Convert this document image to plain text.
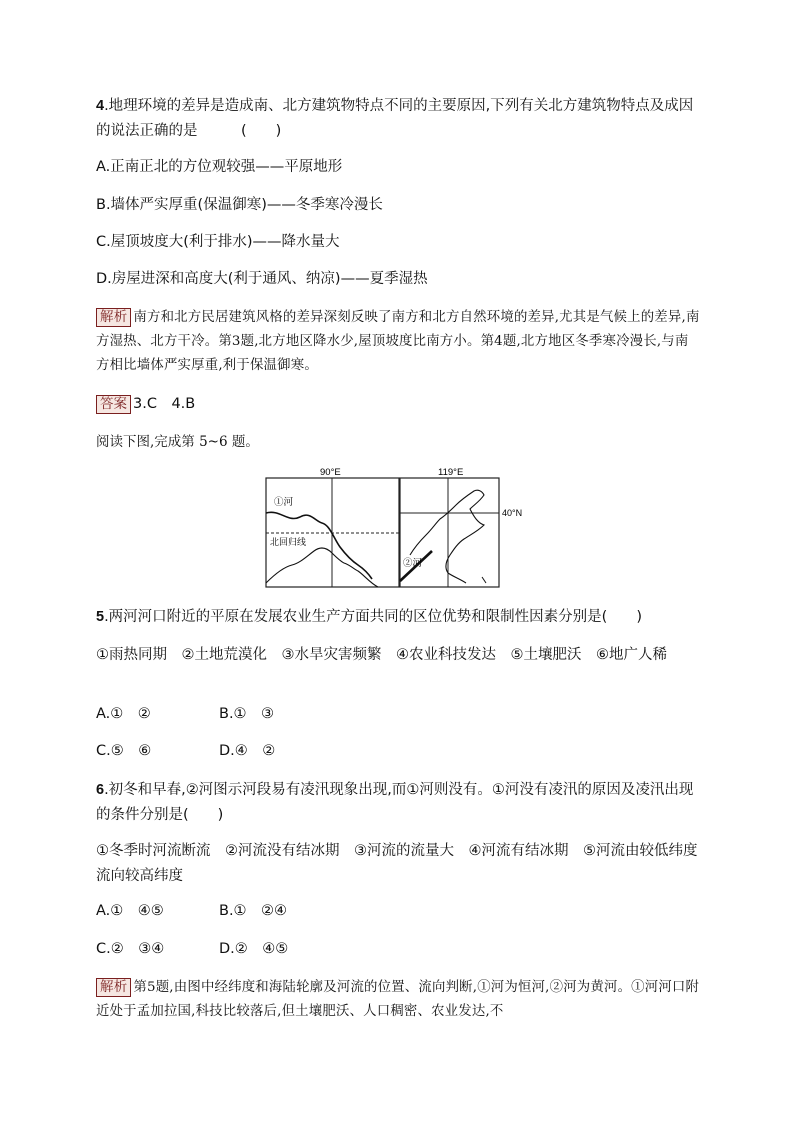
4.地理环境的差异是造成南、北方建筑物特点不同的主要原因,下列有关北方建筑物特点及成因的说法正确的是　　　(　　)

A.正南正北的方位观较强——平原地形
B.墙体严实厚重(保温御寒)——冬季寒冷漫长
C.屋顶坡度大(利于排水)——降水量大
D.房屋进深和高度大(利于通风、纳凉)——夏季湿热

解析 南方和北方民居建筑风格的差异深刻反映了南方和北方自然环境的差异,尤其是气候上的差异,南方湿热、北方干冷。第3题,北方地区降水少,屋顶坡度比南方小。第4题,北方地区冬季寒冷漫长,与南方相比墙体严实厚重,利于保温御寒。

答案 3.C　4.B
阅读下图,完成第 5~6 题。
90°E
①河
北回归线
119°E
40°N
②河

5.两河河口附近的平原在发展农业生产方面共同的区位优势和限制性因素分别是(　　)

①雨热同期　②土地荒漠化　③水旱灾害频繁　④农业科技发达　⑤土壤肥沃　⑥地广人稀

A.①　②	B.①　③
C.⑤　⑥	D.④　②

6.初冬和早春,②河图示河段易有凌汛现象出现,而①河则没有。①河没有凌汛的原因及凌汛出现的条件分别是(　　)

①冬季时河流断流　②河流没有结冰期　③河流的流量大　④河流有结冰期　⑤河流由较低纬度流向较高纬度

A.①　④⑤	B.①　②④
C.②　③④	D.②　④⑤

解析 第5题,由图中经纬度和海陆轮廓及河流的位置、流向判断,①河为恒河,②河为黄河。①河河口附近处于孟加拉国,科技比较落后,但土壤肥沃、人口稠密、农业发达,不
